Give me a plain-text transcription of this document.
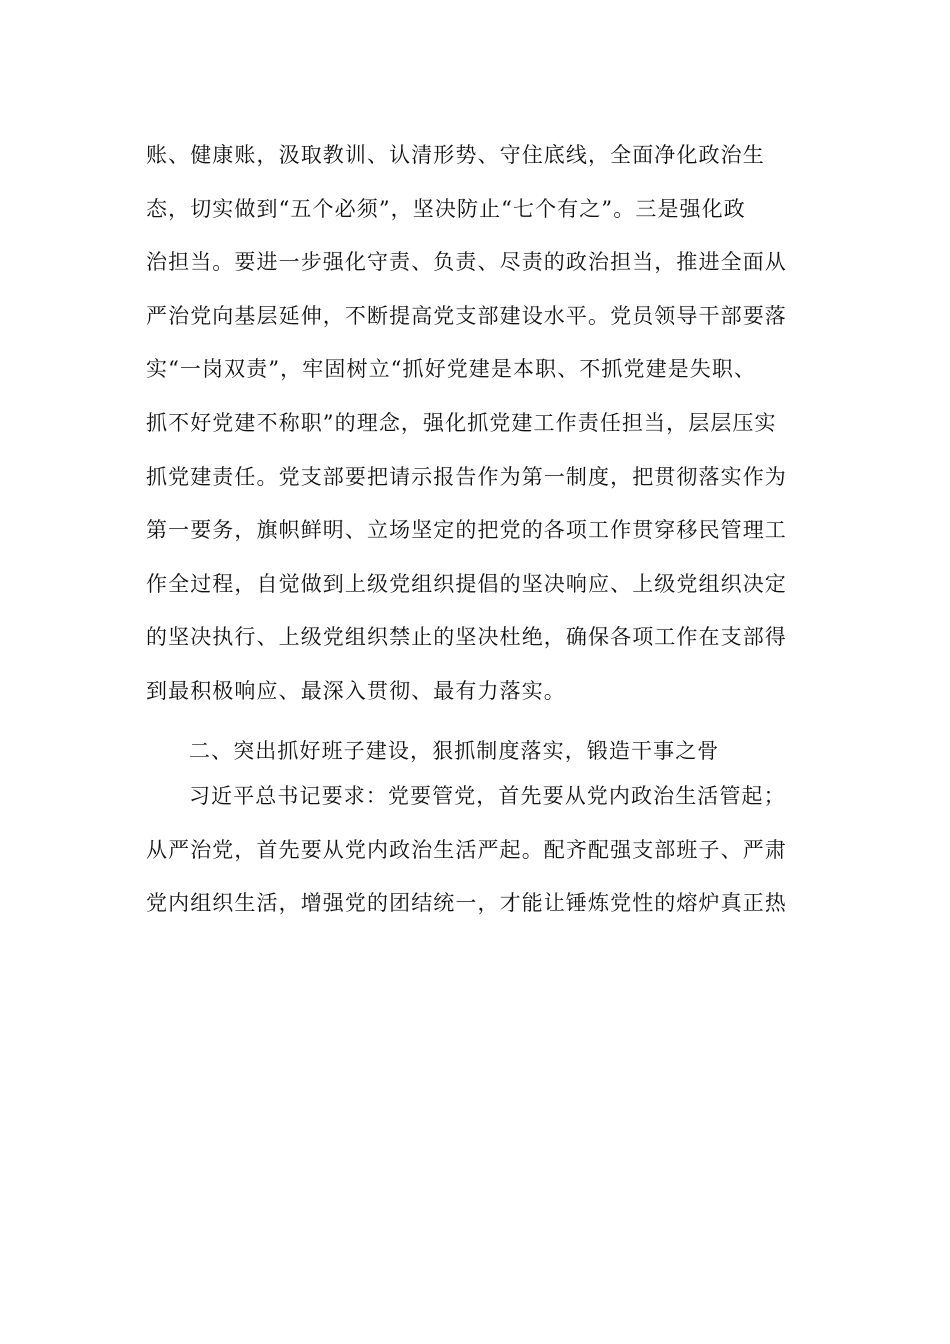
账、健康账，汲取教训、认清形势、守住底线，全面净化政治生
态，切实做到“五个必须”，坚决防止“七个有之”。三是强化政
治担当。要进一步强化守责、负责、尽责的政治担当，推进全面从
严治党向基层延伸，不断提高党支部建设水平。党员领导干部要落
实“一岗双责”，牢固树立“抓好党建是本职、不抓党建是失职、
抓不好党建不称职”的理念，强化抓党建工作责任担当，层层压实
抓党建责任。党支部要把请示报告作为第一制度，把贯彻落实作为
第一要务，旗帜鲜明、立场坚定的把党的各项工作贯穿移民管理工
作全过程，自觉做到上级党组织提倡的坚决响应、上级党组织决定
的坚决执行、上级党组织禁止的坚决杜绝，确保各项工作在支部得
到最积极响应、最深入贯彻、最有力落实。
二、突出抓好班子建设，狠抓制度落实，锻造干事之骨
习近平总书记要求：党要管党，首先要从党内政治生活管起；
从严治党，首先要从党内政治生活严起。配齐配强支部班子、严肃
党内组织生活，增强党的团结统一，才能让锤炼党性的熔炉真正热
